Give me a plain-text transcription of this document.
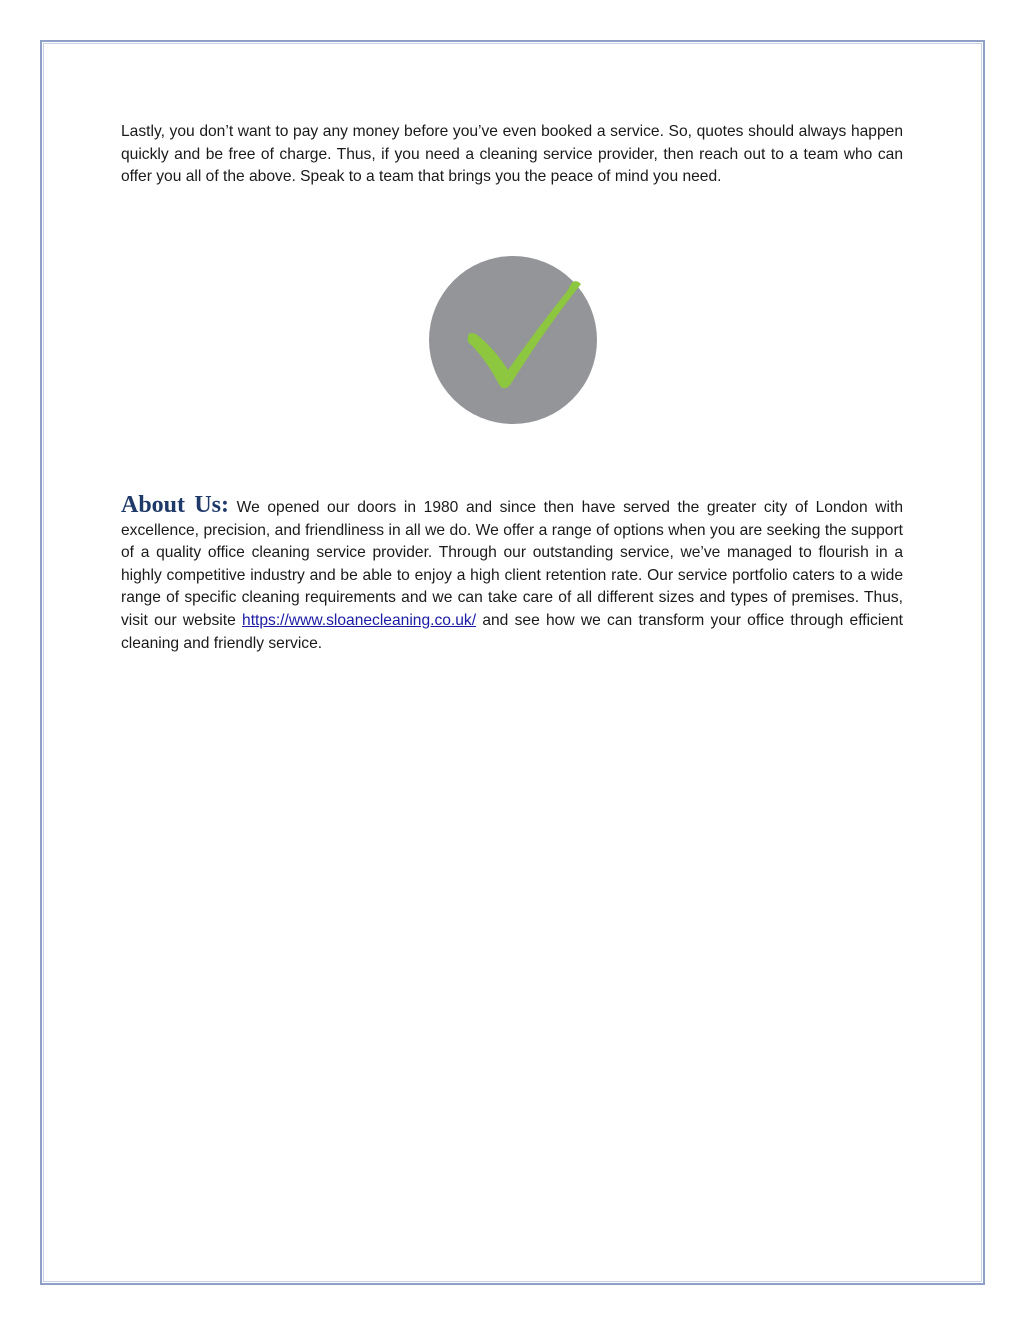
Lastly, you don’t want to pay any money before you’ve even booked a service. So, quotes should always happen quickly and be free of charge. Thus, if you need a cleaning service provider, then reach out to a team who can offer you all of the above. Speak to a team that brings you the peace of mind you need.

About Us: We opened our doors in 1980 and since then have served the greater city of London with excellence, precision, and friendliness in all we do. We offer a range of options when you are seeking the support of a quality office cleaning service provider. Through our outstanding service, we’ve managed to flourish in a highly competitive industry and be able to enjoy a high client retention rate. Our service portfolio caters to a wide range of specific cleaning requirements and we can take care of all different sizes and types of premises. Thus, visit our website https://www.sloanecleaning.co.uk/ and see how we can transform your office through efficient cleaning and friendly service.
